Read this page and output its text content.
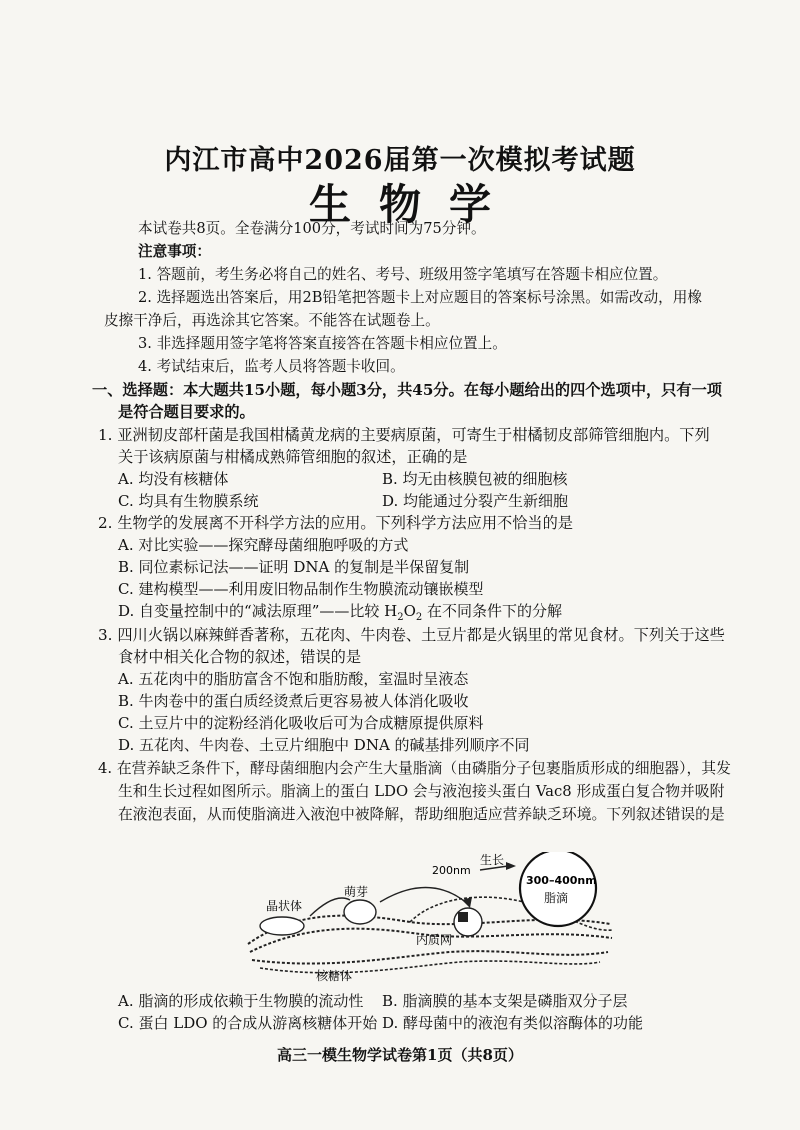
内江市高中2026届第一次模拟考试题
生物学
本试卷共8页。全卷满分100分，考试时间为75分钟。
注意事项：
1. 答题前，考生务必将自己的姓名、考号、班级用签字笔填写在答题卡相应位置。
2. 选择题选出答案后，用2B铅笔把答题卡上对应题目的答案标号涂黑。如需改动，用橡
皮擦干净后，再选涂其它答案。不能答在试题卷上。
3. 非选择题用签字笔将答案直接答在答题卡相应位置上。
4. 考试结束后，监考人员将答题卡收回。
一、选择题：本大题共15小题，每小题3分，共45分。在每小题给出的四个选项中，只有一项
是符合题目要求的。
1. 亚洲韧皮部杆菌是我国柑橘黄龙病的主要病原菌，可寄生于柑橘韧皮部筛管细胞内。下列
关于该病原菌与柑橘成熟筛管细胞的叙述，正确的是
A. 均没有核糖体	B. 均无由核膜包被的细胞核
C. 均具有生物膜系统	D. 均能通过分裂产生新细胞
2. 生物学的发展离不开科学方法的应用。下列科学方法应用不恰当的是
A. 对比实验——探究酵母菌细胞呼吸的方式
B. 同位素标记法——证明 DNA 的复制是半保留复制
C. 建构模型——利用废旧物品制作生物膜流动镶嵌模型
D. 自变量控制中的“减法原理”——比较 $H_2O_2$ 在不同条件下的分解
3. 四川火锅以麻辣鲜香著称，五花肉、牛肉卷、土豆片都是火锅里的常见食材。下列关于这些
食材中相关化合物的叙述，错误的是
A. 五花肉中的脂肪富含不饱和脂肪酸，室温时呈液态
B. 牛肉卷中的蛋白质经烫煮后更容易被人体消化吸收
C. 土豆片中的淀粉经消化吸收后可为合成糖原提供原料
D. 五花肉、牛肉卷、土豆片细胞中 DNA 的碱基排列顺序不同
4. 在营养缺乏条件下，酵母菌细胞内会产生大量脂滴（由磷脂分子包裹脂质形成的细胞器），其发
生和生长过程如图所示。脂滴上的蛋白 LDO 会与液泡接头蛋白 Vac8 形成蛋白复合物并吸附
在液泡表面，从而使脂滴进入液泡中被降解，帮助细胞适应营养缺乏环境。下列叙述错误的是
晶状体
萌芽
200nm
生长
300–400nm
脂滴
内质网
核糖体
A. 脂滴的形成依赖于生物膜的流动性 B. 脂滴膜的基本支架是磷脂双分子层
C. 蛋白 LDO 的合成从游离核糖体开始 D. 酵母菌中的液泡有类似溶酶体的功能
高三一模生物学试卷第1页（共8页）
